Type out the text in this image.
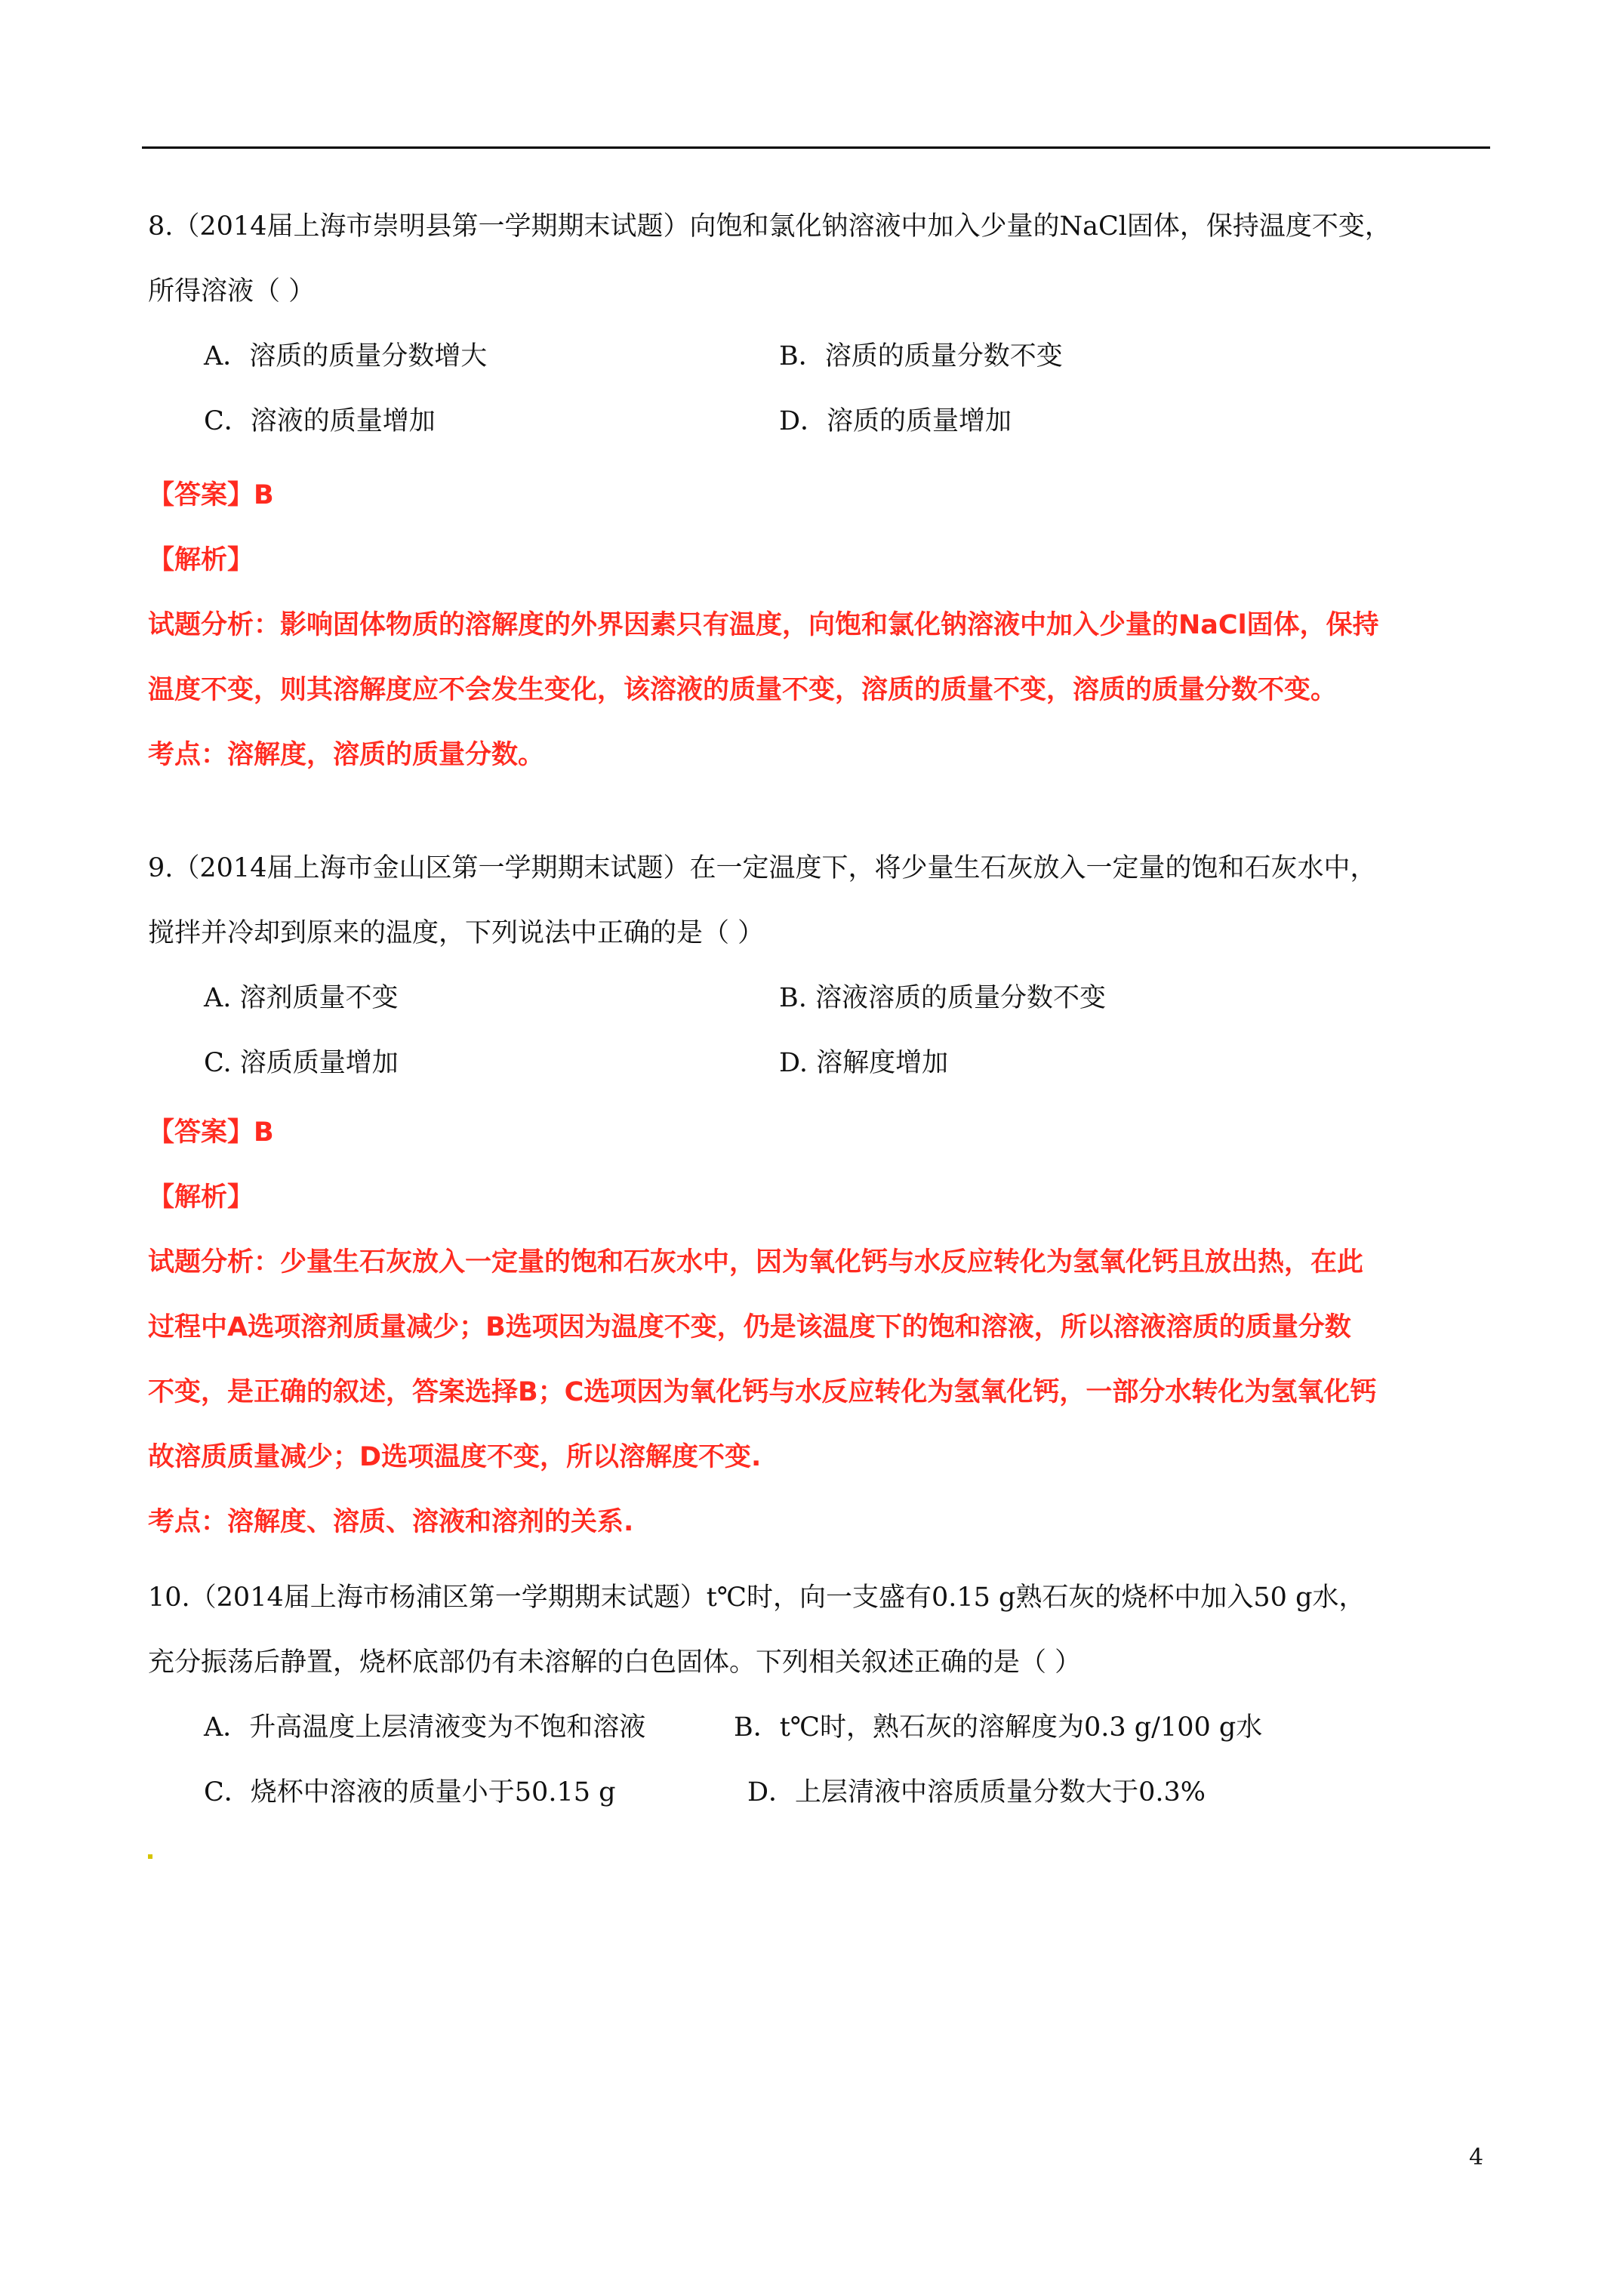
8.（2014届上海市崇明县第一学期期末试题）向饱和氯化钠溶液中加入少量的NaCl固体，保持温度不变，
所得溶液（ ）
A．溶质的质量分数增大	B．溶质的质量分数不变
C．溶液的质量增加	D．溶质的质量增加
【答案】B
【解析】
试题分析：影响固体物质的溶解度的外界因素只有温度，向饱和氯化钠溶液中加入少量的NaCl固体，保持
温度不变，则其溶解度应不会发生变化，该溶液的质量不变，溶质的质量不变，溶质的质量分数不变。
考点：溶解度，溶质的质量分数。
9.（2014届上海市金山区第一学期期末试题）在一定温度下，将少量生石灰放入一定量的饱和石灰水中，
搅拌并冷却到原来的温度，下列说法中正确的是（ ）
A. 溶剂质量不变	B. 溶液溶质的质量分数不变
C. 溶质质量增加	D. 溶解度增加
【答案】B
【解析】
试题分析：少量生石灰放入一定量的饱和石灰水中，因为氧化钙与水反应转化为氢氧化钙且放出热，在此
过程中A选项溶剂质量减少；B选项因为温度不变，仍是该温度下的饱和溶液，所以溶液溶质的质量分数
不变，是正确的叙述，答案选择B；C选项因为氧化钙与水反应转化为氢氧化钙，一部分水转化为氢氧化钙
故溶质质量减少；D选项温度不变，所以溶解度不变.
考点：溶解度、溶质、溶液和溶剂的关系.
10.（2014届上海市杨浦区第一学期期末试题）t℃时，向一支盛有0.15 g熟石灰的烧杯中加入50 g水，
充分振荡后静置，烧杯底部仍有未溶解的白色固体。下列相关叙述正确的是（ ）
A．升高温度上层清液变为不饱和溶液	B．t℃时，熟石灰的溶解度为0.3 g/100 g水
C．烧杯中溶液的质量小于50.15 g	D．上层清液中溶质质量分数大于0.3%
4
